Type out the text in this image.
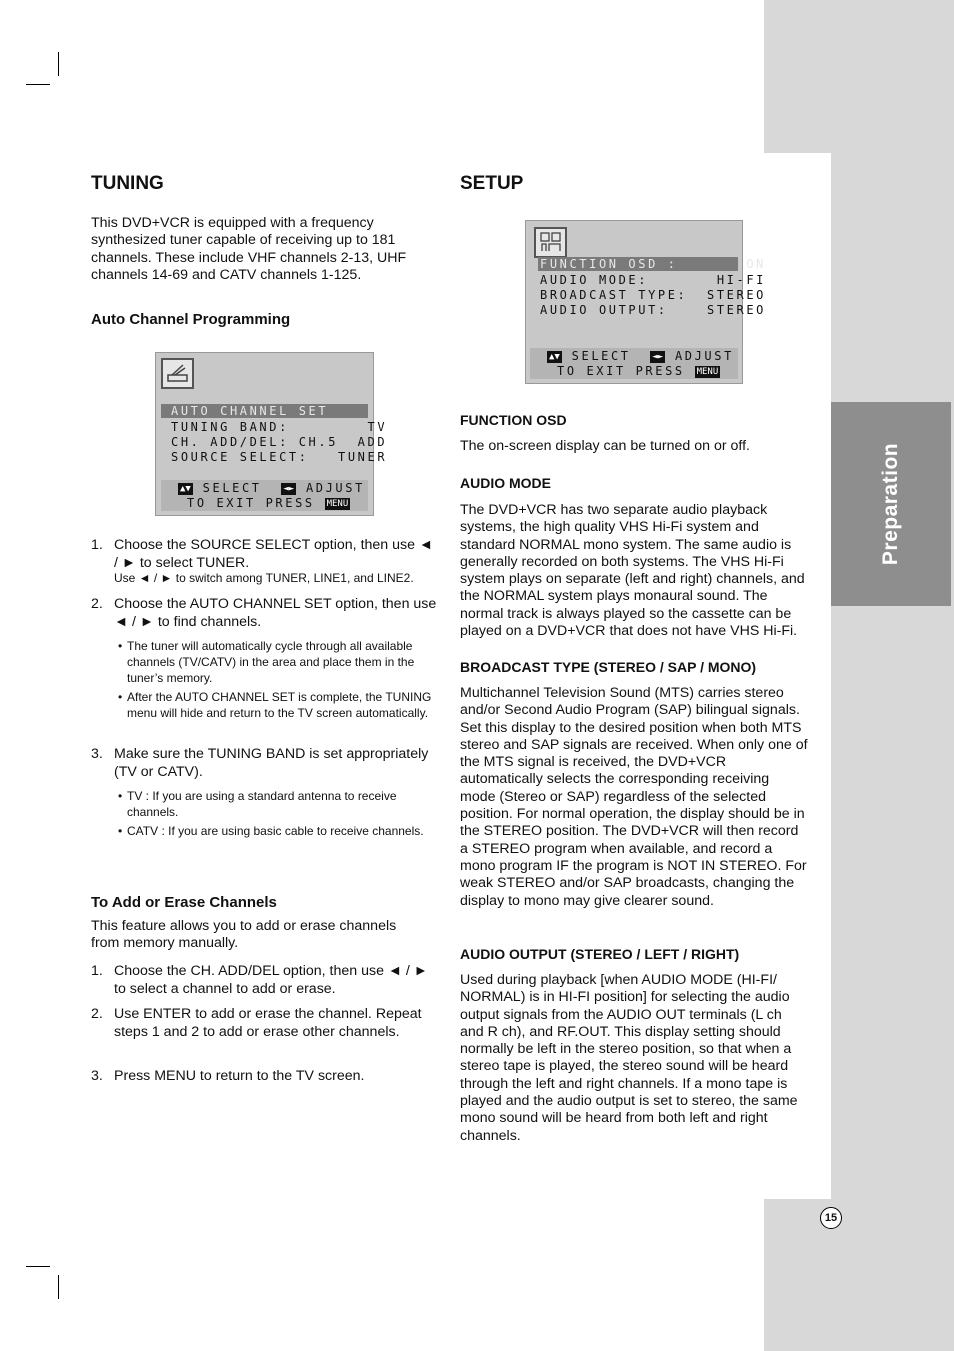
Preparation
15
TUNING

This DVD+VCR is equipped with a frequency synthesized tuner capable of receiving up to 181 channels. These include VHF channels 2-13, UHF channels 14-69 and CATV channels 1-125.

Auto Channel Programming
AUTO CHANNEL SET
TUNING BAND:        TV
CH. ADD/DEL: CH.5  ADD
SOURCE SELECT:   TUNER
▲▼ SELECT ◄► ADJUST
TO EXIT PRESS MENU
1. Choose the SOURCE SELECT option, then use ◄ / ► to select TUNER.
Use ◄ / ► to switch among TUNER, LINE1, and LINE2.
2. Choose the AUTO CHANNEL SET option, then use ◄ / ► to find channels.
• The tuner will automatically cycle through all available channels (TV/CATV) in the area and place them in the tuner’s memory.
• After the AUTO CHANNEL SET is complete, the TUNING menu will hide and return to the TV screen automatically.
3. Make sure the TUNING BAND is set appropriately (TV or CATV).
• TV : If you are using a standard antenna to receive channels.
• CATV : If you are using basic cable to receive channels.
To Add or Erase Channels

This feature allows you to add or erase channels from memory manually.

1. Choose the CH. ADD/DEL option, then use ◄ / ► to select a channel to add or erase.
2. Use ENTER to add or erase the channel. Repeat steps 1 and 2 to add or erase other channels.
3. Press MENU to return to the TV screen.
SETUP
FUNCTION OSD :       ON
AUDIO MODE:       HI-FI
BROADCAST TYPE:  STEREO
AUDIO OUTPUT:    STEREO
▲▼ SELECT ◄► ADJUST
TO EXIT PRESS MENU
FUNCTION OSD

The on-screen display can be turned on or off.

AUDIO MODE

The DVD+VCR has two separate audio playback systems, the high quality VHS Hi-Fi system and standard NORMAL mono system. The same audio is generally recorded on both systems. The VHS Hi-Fi system plays on separate (left and right) channels, and the NORMAL system plays monaural sound. The normal track is always played so the cassette can be played on a DVD+VCR that does not have VHS Hi-Fi.

BROADCAST TYPE (STEREO / SAP / MONO)

Multichannel Television Sound (MTS) carries stereo and/or Second Audio Program (SAP) bilingual signals. Set this display to the desired position when both MTS stereo and SAP signals are received. When only one of the MTS signal is received, the DVD+VCR automatically selects the corresponding receiving mode (Stereo or SAP) regardless of the selected position. For normal operation, the display should be in the STEREO position. The DVD+VCR will then record a STEREO program when available, and record a mono program IF the program is NOT IN STEREO. For weak STEREO and/or SAP broadcasts, changing the display to mono may give clearer sound.

AUDIO OUTPUT (STEREO / LEFT / RIGHT)

Used during playback [when AUDIO MODE (HI-FI/ NORMAL) is in HI-FI position] for selecting the audio output signals from the AUDIO OUT terminals (L ch and R ch), and RF.OUT. This display setting should normally be left in the stereo position, so that when a stereo tape is played, the stereo sound will be heard through the left and right channels. If a mono tape is played and the audio output is set to stereo, the same mono sound will be heard from both left and right channels.
